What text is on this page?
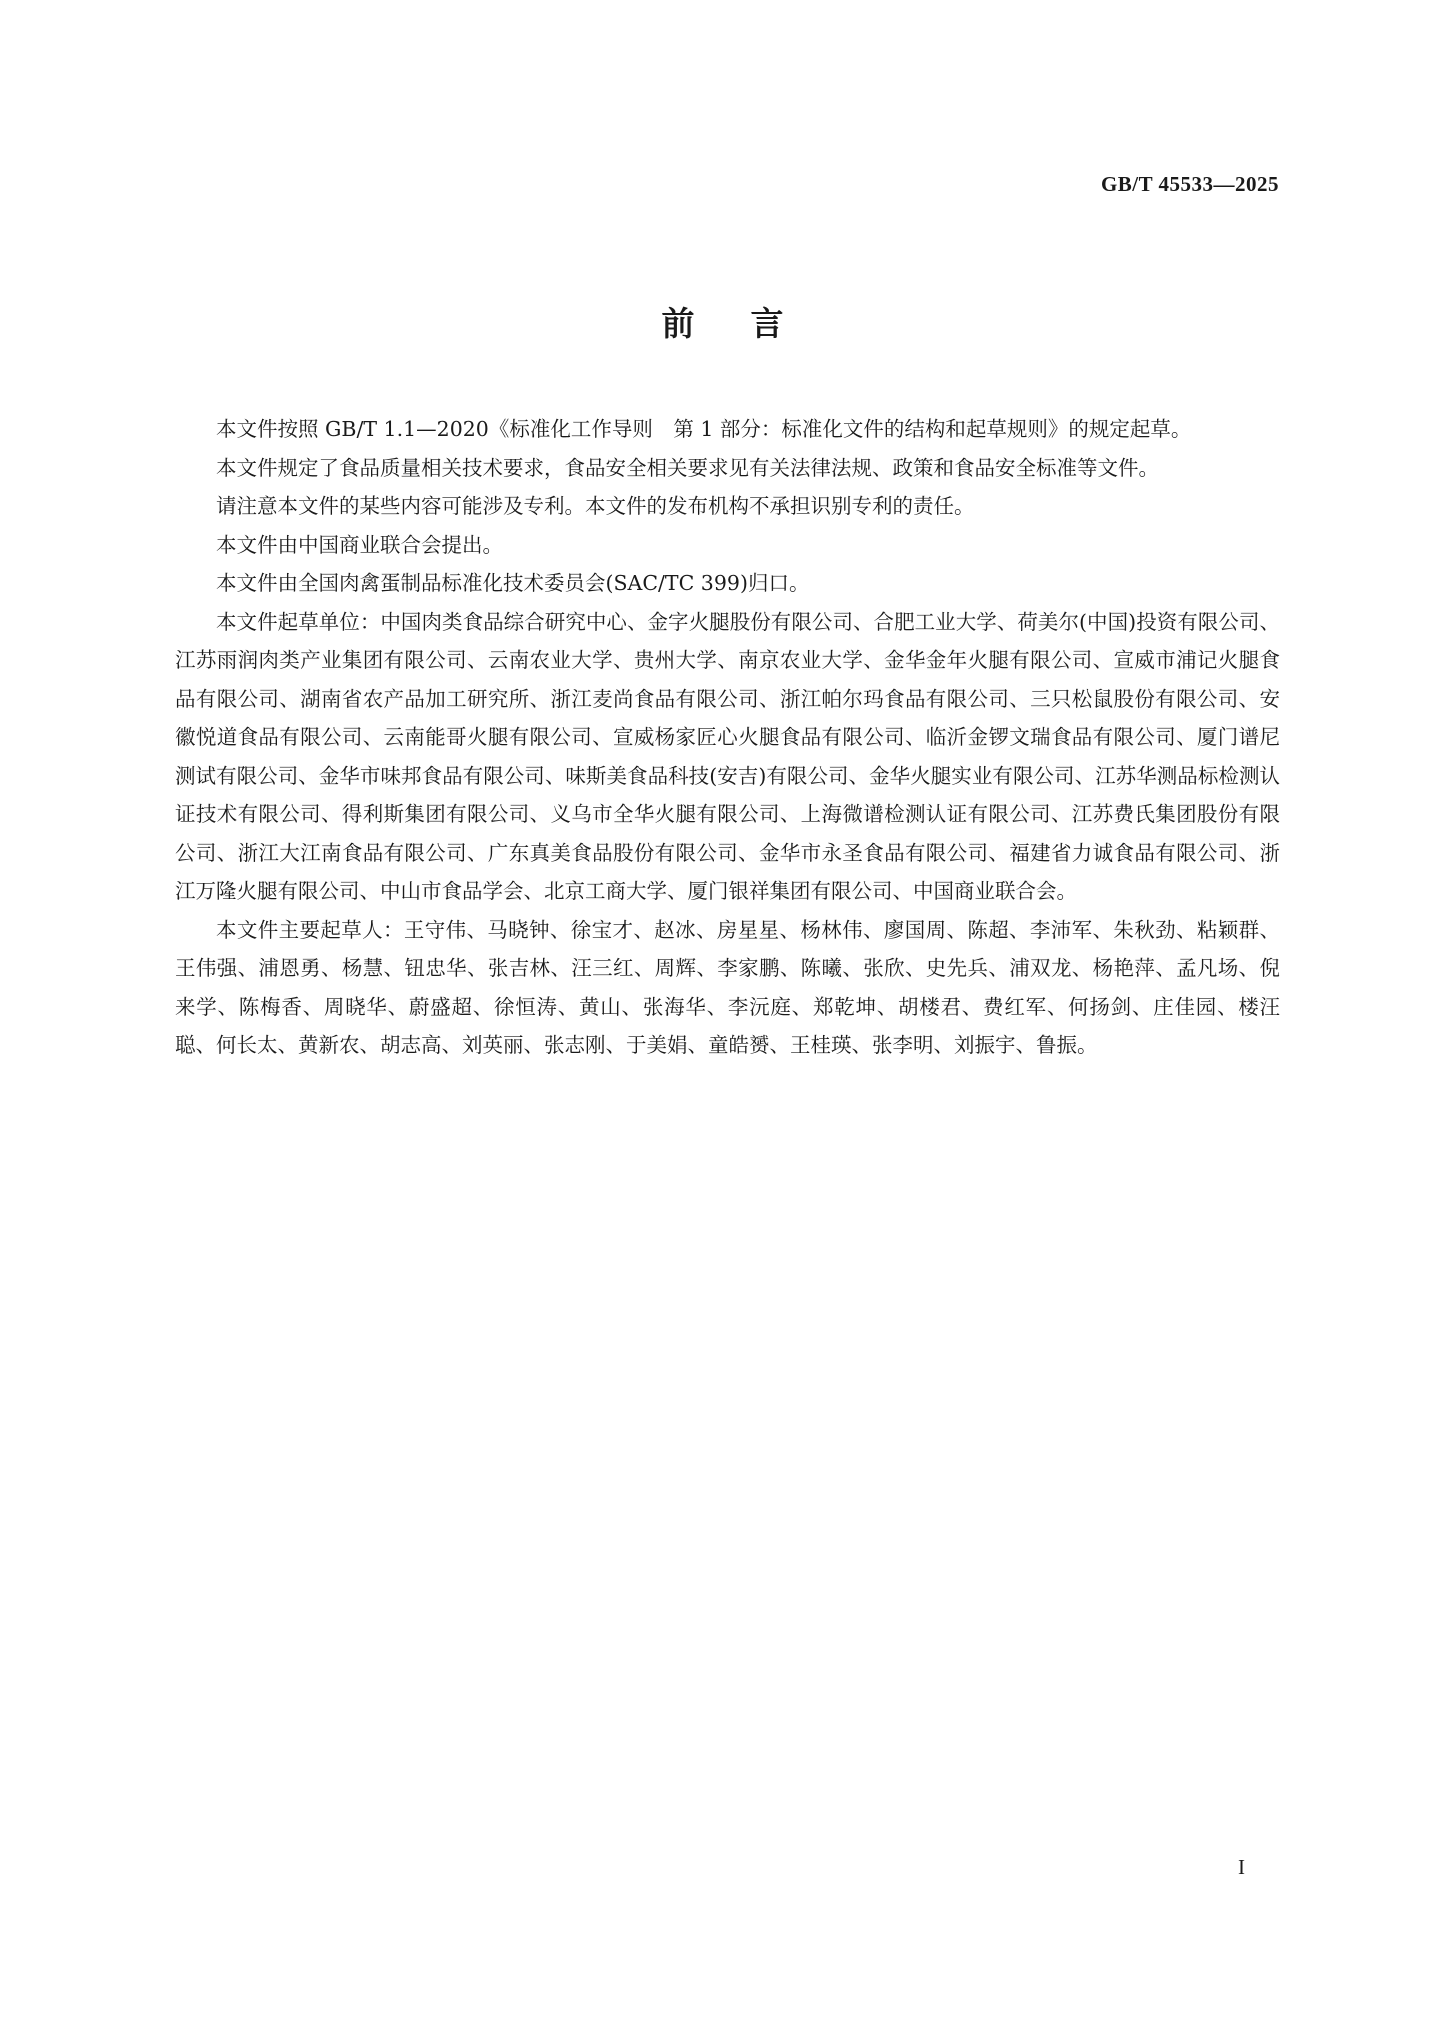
GB/T 45533—2025
前言

本文件按照 GB/T 1.1—2020《标准化工作导则　第 1 部分：标准化文件的结构和起草规则》的规定起草。

本文件规定了食品质量相关技术要求，食品安全相关要求见有关法律法规、政策和食品安全标准等文件。

请注意本文件的某些内容可能涉及专利。本文件的发布机构不承担识别专利的责任。

本文件由中国商业联合会提出。

本文件由全国肉禽蛋制品标准化技术委员会(SAC/TC 399)归口。

本文件起草单位：中国肉类食品综合研究中心、金字火腿股份有限公司、合肥工业大学、荷美尔(中国)投资有限公司、江苏雨润肉类产业集团有限公司、云南农业大学、贵州大学、南京农业大学、金华金年火腿有限公司、宣威市浦记火腿食品有限公司、湖南省农产品加工研究所、浙江麦尚食品有限公司、浙江帕尔玛食品有限公司、三只松鼠股份有限公司、安徽悦道食品有限公司、云南能哥火腿有限公司、宣威杨家匠心火腿食品有限公司、临沂金锣文瑞食品有限公司、厦门谱尼测试有限公司、金华市味邦食品有限公司、味斯美食品科技(安吉)有限公司、金华火腿实业有限公司、江苏华测品标检测认证技术有限公司、得利斯集团有限公司、义乌市全华火腿有限公司、上海微谱检测认证有限公司、江苏费氏集团股份有限公司、浙江大江南食品有限公司、广东真美食品股份有限公司、金华市永圣食品有限公司、福建省力诚食品有限公司、浙江万隆火腿有限公司、中山市食品学会、北京工商大学、厦门银祥集团有限公司、中国商业联合会。

本文件主要起草人：王守伟、马晓钟、徐宝才、赵冰、房星星、杨林伟、廖国周、陈超、李沛军、朱秋劲、粘颖群、王伟强、浦恩勇、杨慧、钮忠华、张吉林、汪三红、周辉、李家鹏、陈曦、张欣、史先兵、浦双龙、杨艳萍、孟凡场、倪来学、陈梅香、周晓华、蔚盛超、徐恒涛、黄山、张海华、李沅庭、郑乾坤、胡楼君、费红军、何扬剑、庄佳园、楼汪聪、何长太、黄新农、胡志高、刘英丽、张志刚、于美娟、童皓赟、王桂瑛、张李明、刘振宇、鲁振。

I
